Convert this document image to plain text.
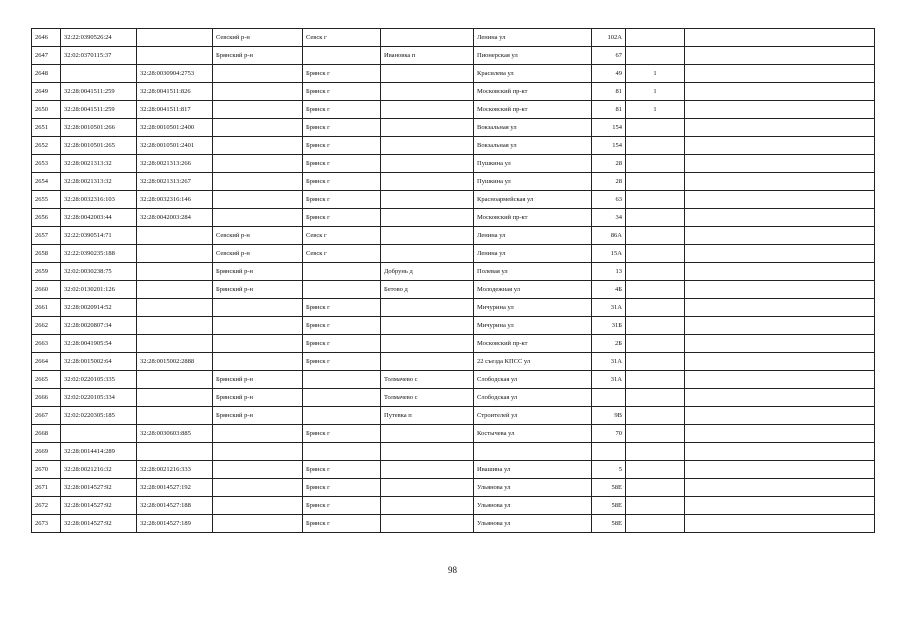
2646	32:22:0390526:24		Севский р-н	Севск г		Ленина ул	102А		
2647	32:02:0370115:37		Брянский р-н		Ивановка п	Пионерская ул	67		
2648		32:28:0030904:2753		Брянск г		Красилева ул	49	1	
2649	32:28:0041511:259	32:28:0041511:826		Брянск г		Московский пр-кт	81	1	
2650	32:28:0041511:259	32:28:0041511:817		Брянск г		Московский пр-кт	81	1	
2651	32:28:0010501:266	32:28:0010501:2400		Брянск г		Вокзальная ул	154		
2652	32:28:0010501:265	32:28:0010501:2401		Брянск г		Вокзальная ул	154		
2653	32:28:0021313:32	32:28:0021313:266		Брянск г		Пушкина ул	28		
2654	32:28:0021313:32	32:28:0021313:267		Брянск г		Пушкина ул	28		
2655	32:28:0032316:103	32:28:0032316:146		Брянск г		Красноармейская ул	63		
2656	32:28:0042003:44	32:28:0042003:284		Брянск г		Московский пр-кт	34		
2657	32:22:0390514:71		Севский р-н	Севск г		Ленина ул	86А		
2658	32:22:0390235:188		Севский р-н	Севск г		Ленина ул	15А		
2659	32:02:0030238:75		Брянский р-н		Добрунь д	Полевая ул	13		
2660	32:02:0130201:126		Брянский р-н		Бетово д	Молодежная ул	4Б		
2661	32:28:0020914:52			Брянск г		Мичурина ул	31А		
2662	32:28:0020807:34			Брянск г		Мичурина ул	31Б		
2663	32:28:0041905:54			Брянск г		Московский пр-кт	2Б		
2664	32:28:0015002:64	32:28:0015002:2888		Брянск г		22 съезда КПСС ул	31А		
2665	32:02:0220105:335		Брянский р-н		Толмачево с	Слободская ул	31А		
2666	32:02:0220105:334		Брянский р-н		Толмачево с	Слободская ул			
2667	32:02:0220305:185		Брянский р-н		Путевка п	Строителей ул	9В		
2668		32:28:0030603:885		Брянск г		Костычева ул	70		
2669	32:28:0014414:289								
2670	32:28:0021216:32	32:28:0021216:333		Брянск г		Ивашина ул	5		
2671	32:28:0014527:92	32:28:0014527:192		Брянск г		Ульянова ул	58Е		
2672	32:28:0014527:92	32:28:0014527:188		Брянск г		Ульянова ул	58Е		
2673	32:28:0014527:92	32:28:0014527:189		Брянск г		Ульянова ул	58Е		
98
